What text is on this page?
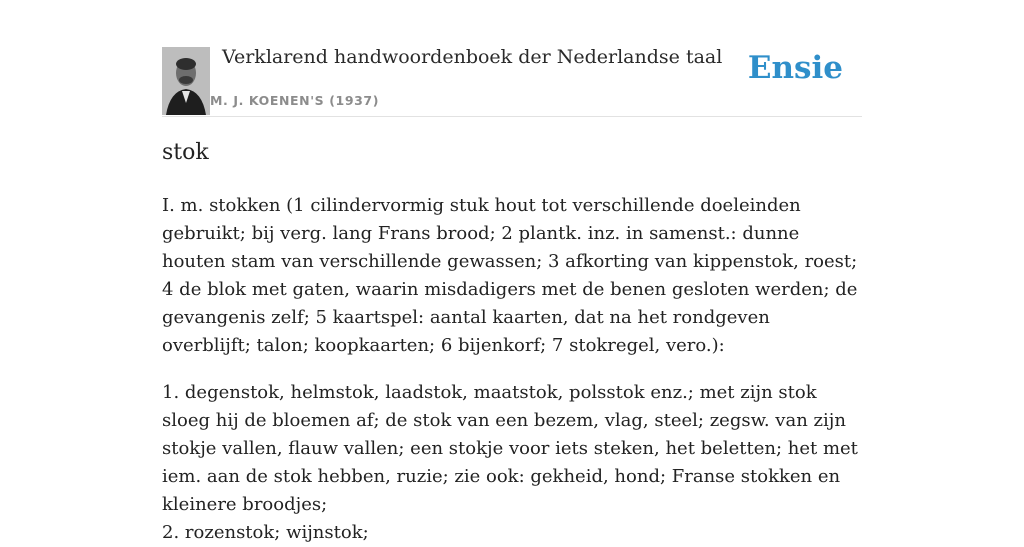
Verklarend handwoordenboek der Nederlandse taal
M. J. KOENEN'S (1937)
Ensie
stok

I. m. stokken (1 cilindervormig stuk hout tot verschillende doeleinden gebruikt; bij verg. lang Frans brood; 2 plantk. inz. in samenst.: dunne houten stam van verschillende gewassen; 3 afkorting van kippenstok, roest; 4 de blok met gaten, waarin misdadigers met de benen gesloten werden; de gevangenis zelf; 5 kaartspel: aantal kaarten, dat na het rondgeven overblijft; talon; koopkaarten; 6 bijenkorf; 7 stokregel, vero.):

1. degenstok, helmstok, laadstok, maatstok, polsstok enz.; met zijn stok sloeg hij de bloemen af; de stok van een bezem, vlag, steel; zegsw. van zijn stokje vallen, flauw vallen; een stokje voor iets steken, het beletten; het met iem. aan de stok hebben, ruzie; zie ook: gekheid, hond; Franse stokken en kleinere broodjes;
2. rozenstok; wijnstok;
